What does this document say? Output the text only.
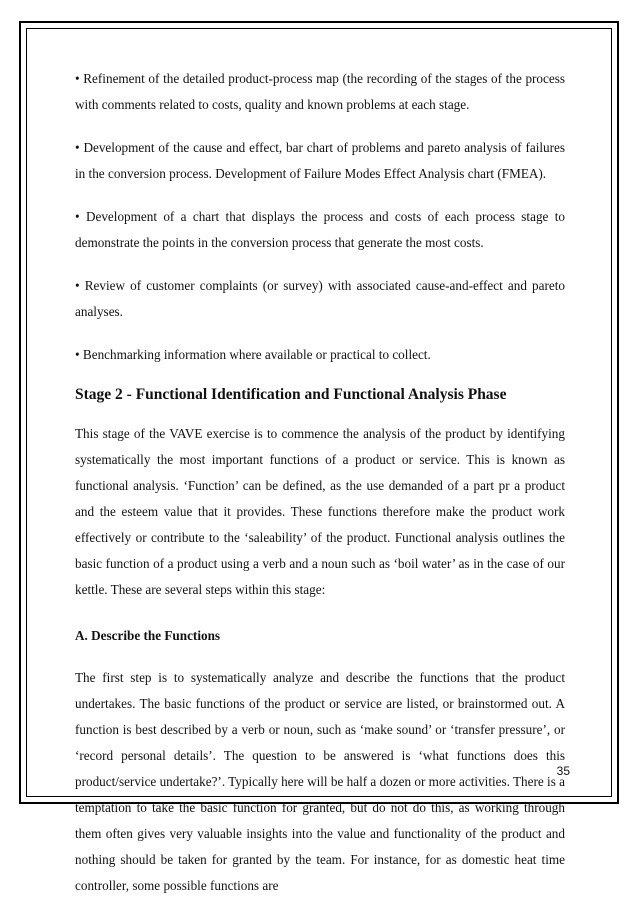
• Refinement of the detailed product-process map (the recording of the stages of the process with comments related to costs, quality and known problems at each stage.

• Development of the cause and effect, bar chart of problems and pareto analysis of failures in the conversion process. Development of Failure Modes Effect Analysis chart (FMEA).

• Development of a chart that displays the process and costs of each process stage to demonstrate the points in the conversion process that generate the most costs.

• Review of customer complaints (or survey) with associated cause-and-effect and pareto analyses.

• Benchmarking information where available or practical to collect.

Stage 2 - Functional Identification and Functional Analysis Phase

This stage of the VAVE exercise is to commence the analysis of the product by identifying systematically the most important functions of a product or service. This is known as functional analysis. ‘Function’ can be defined, as the use demanded of a part pr a product and the esteem value that it provides. These functions therefore make the product work effectively or contribute to the ‘saleability’ of the product. Functional analysis outlines the basic function of a product using a verb and a noun such as ‘boil water’ as in the case of our kettle. These are several steps within this stage:

A. Describe the Functions

The first step is to systematically analyze and describe the functions that the product undertakes. The basic functions of the product or service are listed, or brainstormed out. A function is best described by a verb or noun, such as ‘make sound’ or ‘transfer pressure’, or ‘record personal details’. The question to be answered is ‘what functions does this product/service undertake?’. Typically here will be half a dozen or more activities. There is a temptation to take the basic function for granted, but do not do this, as working through them often gives very valuable insights into the value and functionality of the product and nothing should be taken for granted by the team. For instance, for as domestic heat time controller, some possible functions are

35
